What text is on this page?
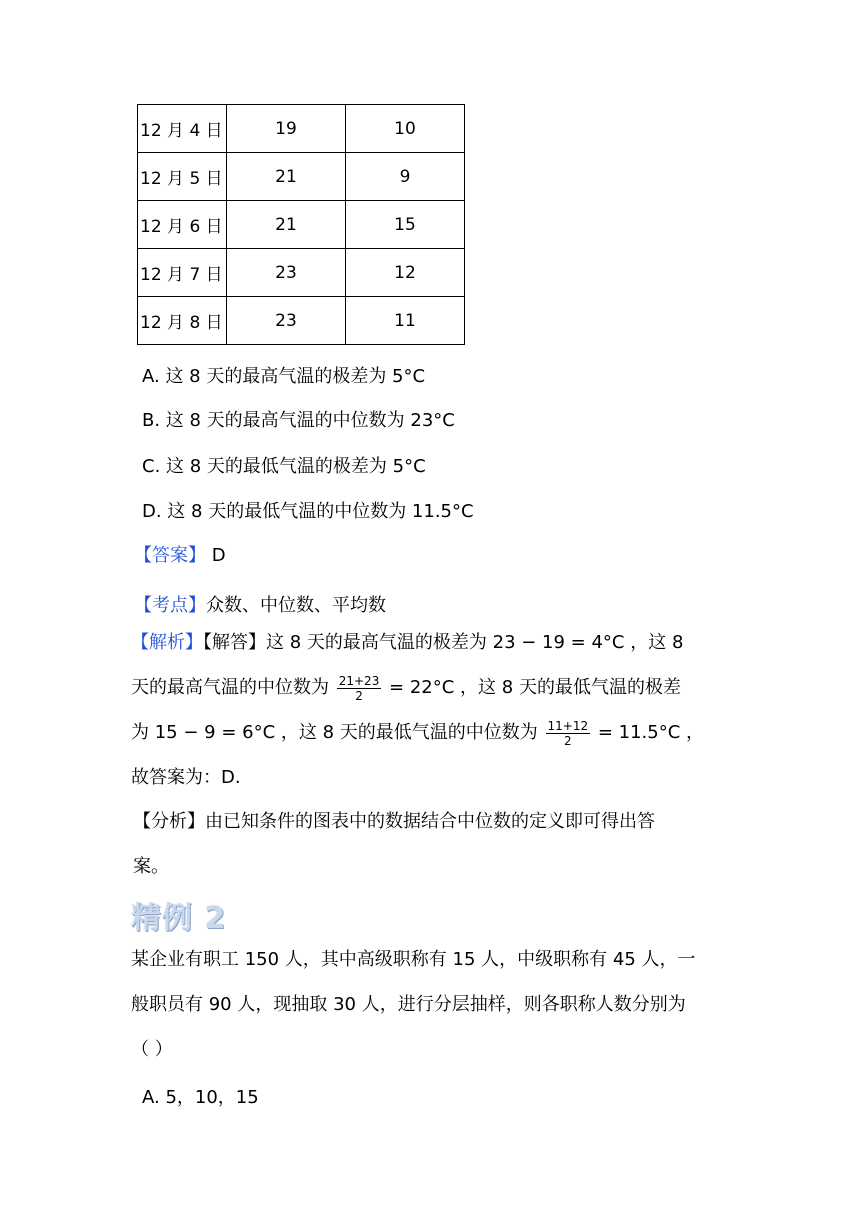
12 月 4 日	19	10
12 月 5 日	21	9
12 月 6 日	21	15
12 月 7 日	23	12
12 月 8 日	23	11
A. 这 8 天的最高气温的极差为 5°C
B. 这 8 天的最高气温的中位数为 23°C
C. 这 8 天的最低气温的极差为 5°C
D. 这 8 天的最低气温的中位数为 11.5°C
【答案】 D
【考点】众数、中位数、平均数
【解析】【解答】这 8 天的最高气温的极差为 23 − 19 = 4°C ，这 8
天的最高气温的中位数为 $\frac{21+23}{2} = 22^\circ C$ ，这 8 天的最低气温的极差
为 15 − 9 = 6°C ，这 8 天的最低气温的中位数为 $\frac{11+12}{2} = 11.5^\circ C$ ，
故答案为：D.
【分析】由已知条件的图表中的数据结合中位数的定义即可得出答
案。
精例 2
某企业有职工 150 人，其中高级职称有 15 人，中级职称有 45 人，一
般职员有 90 人，现抽取 30 人，进行分层抽样，则各职称人数分别为
（ ）
A. 5，10，15
